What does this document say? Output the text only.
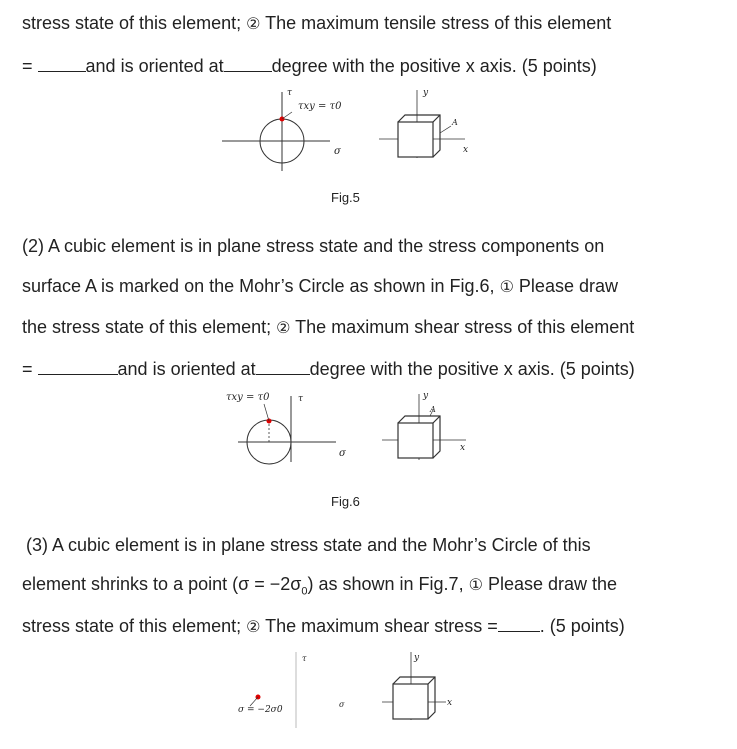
stress state of this element; ② The maximum tensile stress of this element
=	and is oriented at	degree with the positive x axis. (5 points)
τ
τxy = τ0
σ
y
x
A
Fig.5
(2) A cubic element is in plane stress state and the stress components on
surface A is marked on the Mohr’s Circle as shown in Fig.6, ① Please draw
the stress state of this element; ② The maximum shear stress of this element
=	and is oriented at	degree with the positive x axis. (5 points)
τxy = τ0	τ
σ
y
x
A
Fig.6
(3) A cubic element is in plane stress state and the Mohr’s Circle of this
element shrinks to a point $(\sigma = -2\sigma_0)$ as shown in Fig.7, ① Please draw the
stress state of this element; ② The maximum shear stress = . (5 points)
τ
σ
σ = −2σ0
y
x
